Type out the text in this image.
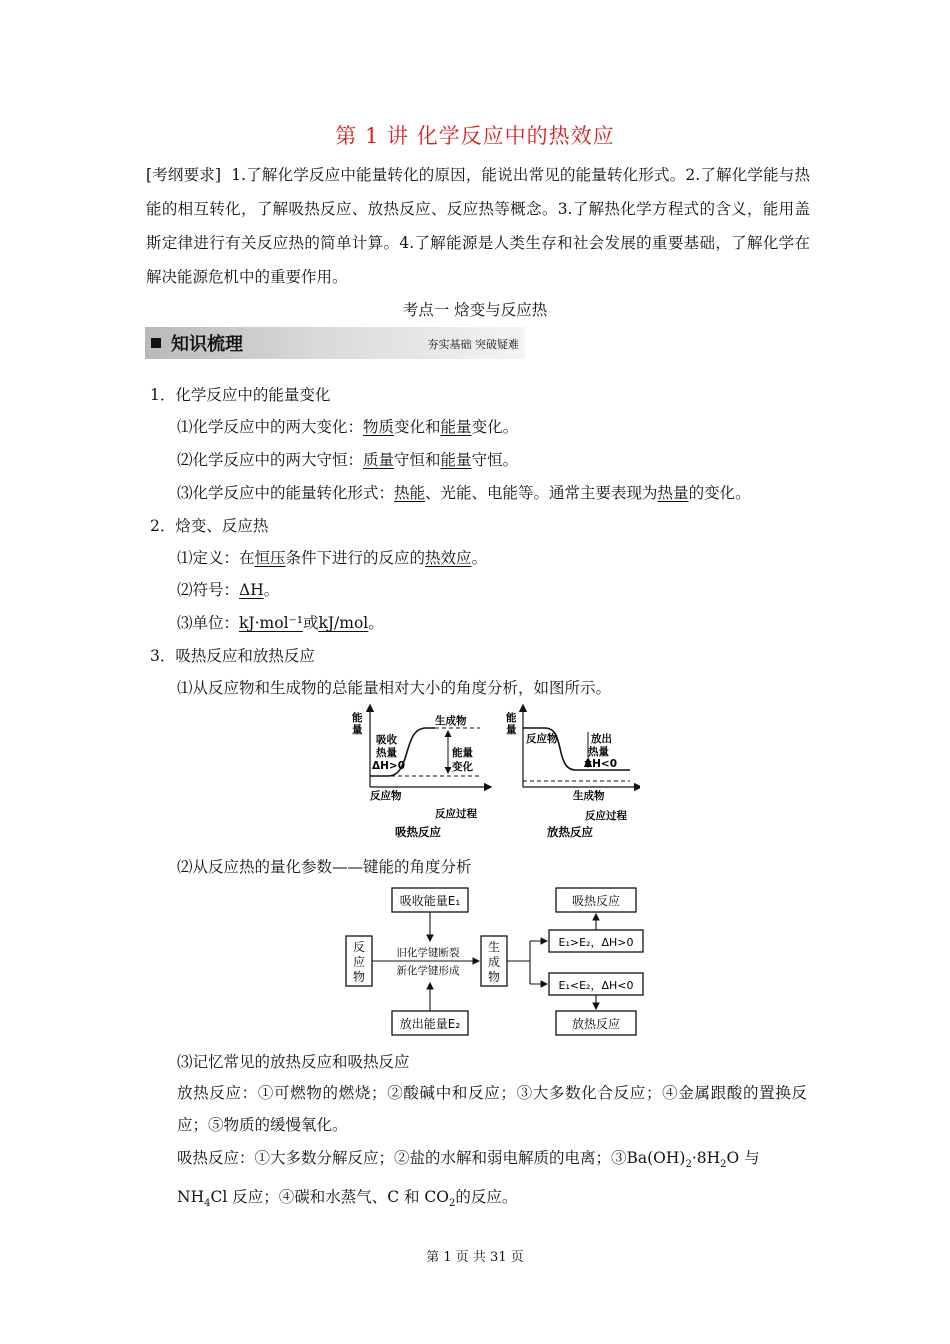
第 1 讲 化学反应中的热效应
[考纲要求] 1.了解化学反应中能量转化的原因，能说出常见的能量转化形式。2.了解化学能与热能的相互转化，了解吸热反应、放热反应、反应热等概念。3.了解热化学方程式的含义，能用盖斯定律进行有关反应热的简单计算。4.了解能源是人类生存和社会发展的重要基础，了解化学在解决能源危机中的重要作用。
考点一 焓变与反应热
知识梳理	夯实基础 突破疑难
1．化学反应中的能量变化
⑴化学反应中的两大变化：物质变化和能量变化。
⑵化学反应中的两大守恒：质量守恒和能量守恒。
⑶化学反应中的能量转化形式：热能、光能、电能等。通常主要表现为热量的变化。
2．焓变、反应热
⑴定义：在恒压条件下进行的反应的热效应。
⑵符号：ΔH。
⑶单位：kJ·mol⁻¹或kJ/mol。
3．吸热反应和放热反应
⑴从反应物和生成物的总能量相对大小的角度分析，如图所示。
能
量
生成物
吸收
热量
ΔH>0
能量
变化
反应物
反应过程
吸热反应
能
量
反应物	放出
热量
ΔH<0
生成物
反应过程
放热反应
⑵从反应热的量化参数——键能的角度分析
吸收能量E₁
放出能量E₂
反
应
物
生
成
物
旧化学键断裂
新化学键形成
吸热反应
放热反应
E₁>E₂，ΔH>0
E₁<E₂，ΔH<0
⑶记忆常见的放热反应和吸热反应
放热反应：①可燃物的燃烧；②酸碱中和反应；③大多数化合反应；④金属跟酸的置换反应；⑤物质的缓慢氧化。
吸热反应：①大多数分解反应；②盐的水解和弱电解质的电离；$③Ba(OH)_2\cdot 8H_2O$ 与
$NH_4Cl$ 反应；④碳和水蒸气、C 和 $CO_2$的反应。
第 1 页 共 31 页
